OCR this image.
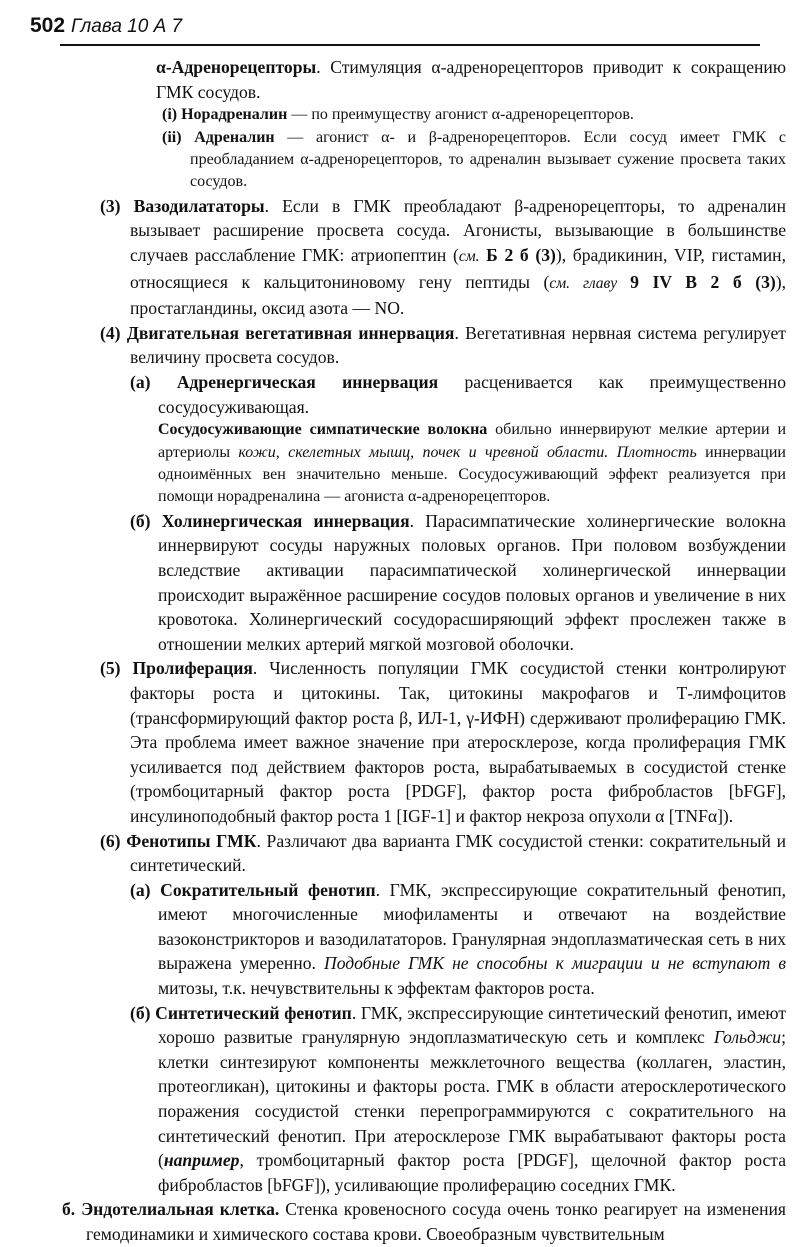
502 Глава 10 А 7

α-Адренорецепторы. Стимуляция α-адренорецепторов приводит к сокращению ГМК сосудов.

(i) Норадреналин — по преимуществу агонист α-адренорецепторов.

(ii) Адреналин — агонист α- и β-адренорецепторов. Если сосуд имеет ГМК с преобладанием α-адренорецепторов, то адреналин вызывает сужение просвета таких сосудов.

(3) Вазодилататоры. Если в ГМК преобладают β-адренорецепторы, то адреналин вызывает расширение просвета сосуда. Агонисты, вызывающие в большинстве случаев расслабление ГМК: атриопептин (см. Б 2 б (3)), брадикинин, VIP, гистамин, относящиеся к кальцитониновому гену пептиды (см. главу 9 IV В 2 б (3)), простагландины, оксид азота — NO.

(4) Двигательная вегетативная иннервация. Вегетативная нервная система регулирует величину просвета сосудов.

(а) Адренергическая иннервация расценивается как преимущественно сосудосуживающая.

Сосудосуживающие симпатические волокна обильно иннервируют мелкие артерии и артериолы кожи, скелетных мышц, почек и чревной области. Плотность иннервации одноимённых вен значительно меньше. Сосудосуживающий эффект реализуется при помощи норадреналина — агониста α-адренорецепторов.

(б) Холинергическая иннервация. Парасимпатические холинергические волокна иннервируют сосуды наружных половых органов. При половом возбуждении вследствие активации парасимпатической холинергической иннервации происходит выражённое расширение сосудов половых органов и увеличение в них кровотока. Холинергический сосудорасширяющий эффект прослежен также в отношении мелких артерий мягкой мозговой оболочки.

(5) Пролиферация. Численность популяции ГМК сосудистой стенки контролируют факторы роста и цитокины. Так, цитокины макрофагов и Т-лимфоцитов (трансформирующий фактор роста β, ИЛ-1, γ-ИФН) сдерживают пролиферацию ГМК. Эта проблема имеет важное значение при атеросклерозе, когда пролиферация ГМК усиливается под действием факторов роста, вырабатываемых в сосудистой стенке (тромбоцитарный фактор роста [PDGF], фактор роста фибробластов [bFGF], инсулиноподобный фактор роста 1 [IGF-1] и фактор некроза опухоли α [TNFα]).

(6) Фенотипы ГМК. Различают два варианта ГМК сосудистой стенки: сократительный и синтетический.

(а) Сократительный фенотип. ГМК, экспрессирующие сократительный фенотип, имеют многочисленные миофиламенты и отвечают на воздействие вазоконстрикторов и вазодилататоров. Гранулярная эндоплазматическая сеть в них выражена умеренно. Подобные ГМК не способны к миграции и не вступают в митозы, т.к. нечувствительны к эффектам факторов роста.

(б) Синтетический фенотип. ГМК, экспрессирующие синтетический фенотип, имеют хорошо развитые гранулярную эндоплазматическую сеть и комплекс Гольджи; клетки синтезируют компоненты межклеточного вещества (коллаген, эластин, протеогликан), цитокины и факторы роста. ГМК в области атеросклеротического поражения сосудистой стенки перепрограммируются с сократительного на синтетический фенотип. При атеросклерозе ГМК вырабатывают факторы роста (например, тромбоцитарный фактор роста [PDGF], щелочной фактор роста фибробластов [bFGF]), усиливающие пролиферацию соседних ГМК.

б. Эндотелиальная клетка. Стенка кровеносного сосуда очень тонко реагирует на изменения гемодинамики и химического состава крови. Своеобразным чувствительным
